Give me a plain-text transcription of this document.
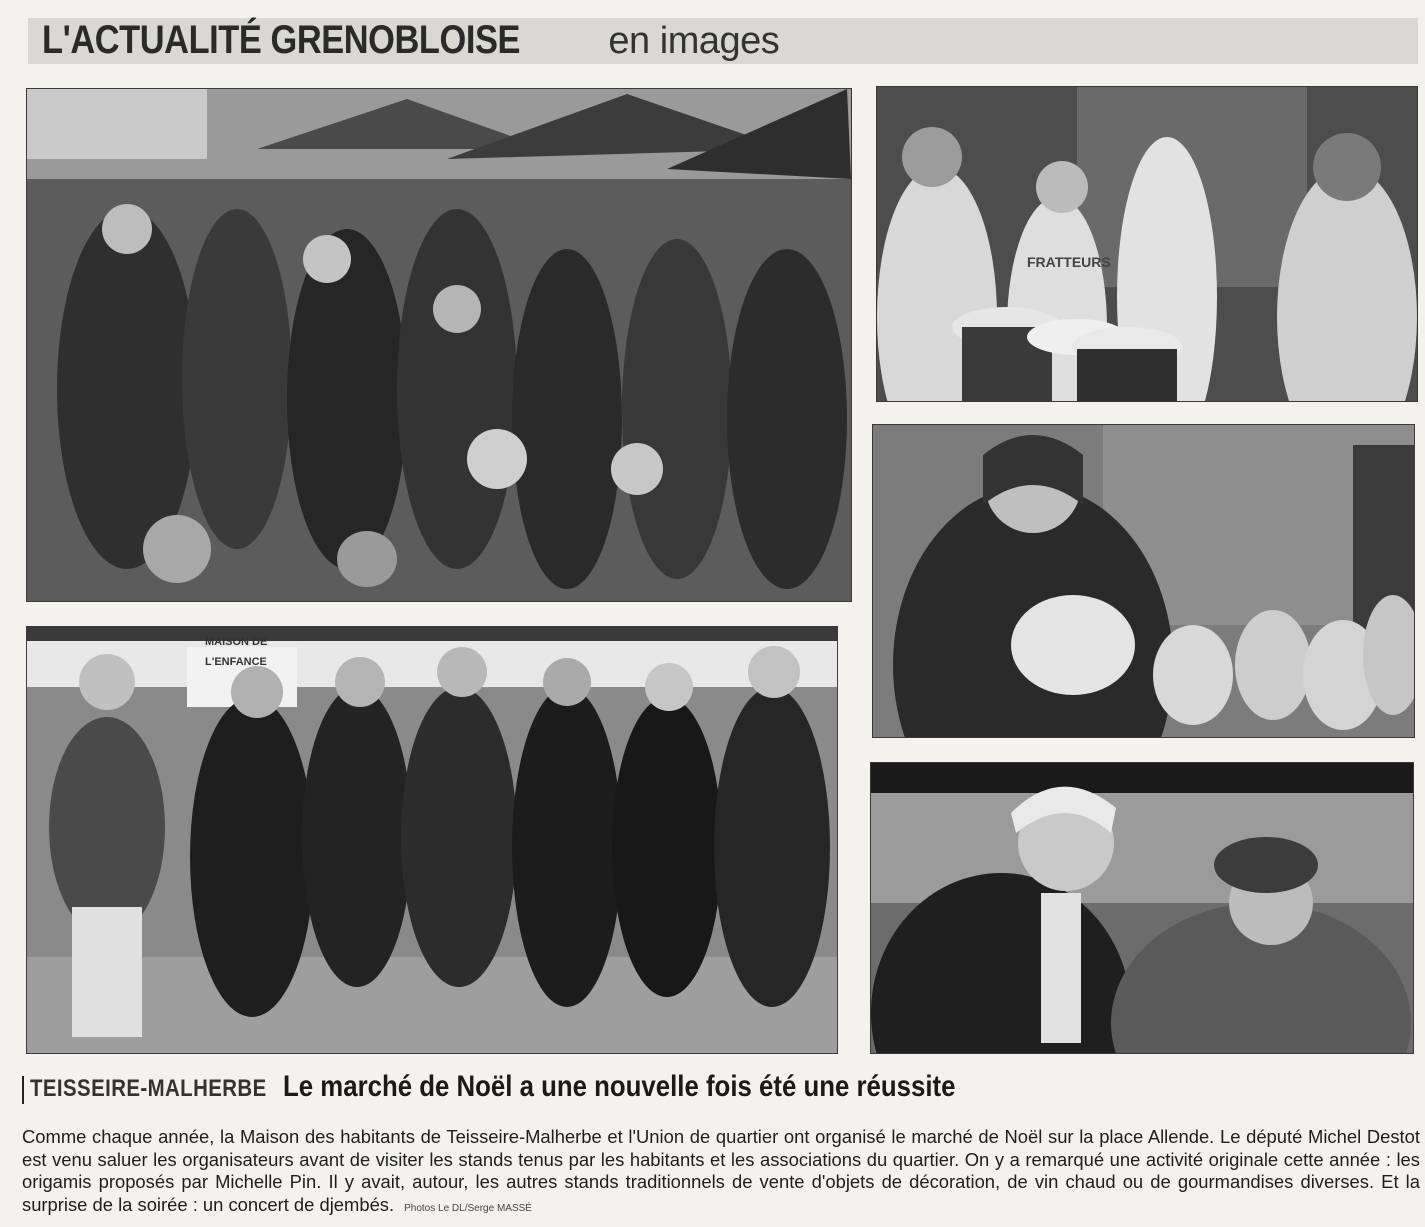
L'ACTUALITÉ GRENOBLOISE en images
FRATTEURS
MAISON DE
L'ENFANCE
TEISSEIRE-MALHERBE Le marché de Noël a une nouvelle fois été une réussite
Comme chaque année, la Maison des habitants de Teisseire-Malherbe et l'Union de quartier ont organisé le marché de Noël sur la place Allende. Le député Michel Destot est venu saluer les organisateurs avant de visiter les stands tenus par les habitants et les associations du quartier. On y a remarqué une activité originale cette année : les origamis proposés par Michelle Pin. Il y avait, autour, les autres stands traditionnels de vente d'objets de décoration, de vin chaud ou de gourmandises diverses. Et la surprise de la soirée : un concert de djembés. Photos Le DL/Serge MASSÉ
